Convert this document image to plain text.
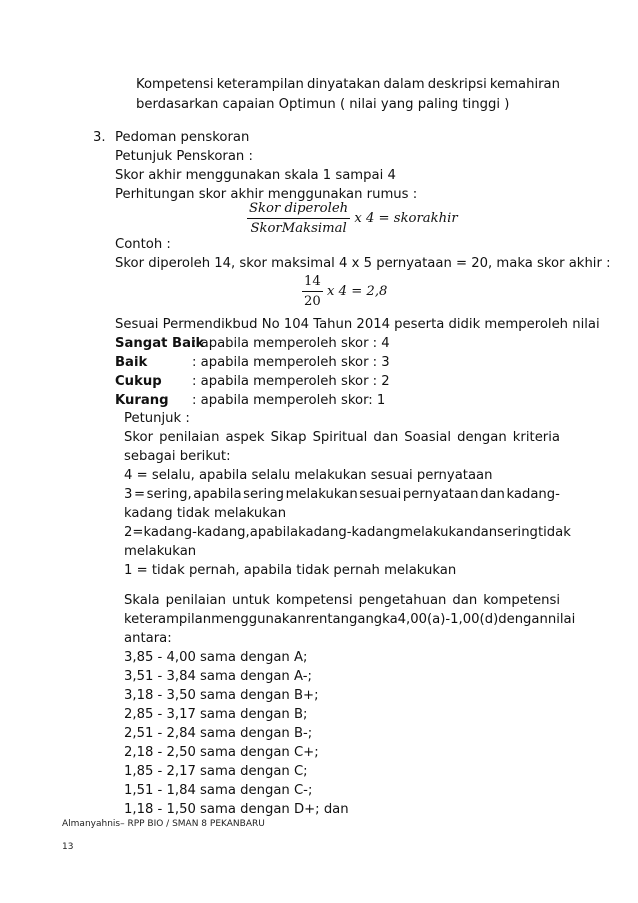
Kompetensi keterampilan dinyatakan dalam deskripsi kemahiran
berdasarkan capaian Optimun ( nilai yang paling tinggi )
3. Pedoman penskoran
Petunjuk Penskoran :
Skor akhir menggunakan skala 1 sampai 4
Perhitungan skor akhir menggunakan rumus :
$\frac{\text{Skor diperoleh}}{\text{SkorMaksimal}}$ x 4 = skorakhir
Contoh :
Skor diperoleh 14, skor maksimal 4 x 5 pernyataan = 20, maka skor akhir :
$\frac{14}{20}$ x 4 = 2,8
Sesuai Permendikbud No 104 Tahun 2014 peserta didik memperoleh nilai
Sangat Baik
: apabila memperoleh skor : 4
Baik	: apabila memperoleh skor : 3
Cukup : apabila memperoleh skor : 2
Kurang : apabila memperoleh skor: 1
Petunjuk :
Skor penilaian aspek Sikap Spiritual dan Soasial dengan kriteria
sebagai berikut:
4 = selalu, apabila selalu melakukan sesuai pernyataan
3 = sering, apabila sering melakukan sesuai pernyataan dan kadang-
kadang tidak melakukan
2 = kadang-kadang, apabila kadang-kadang melakukan dan sering tidak
melakukan
1 = tidak pernah, apabila tidak pernah melakukan
Skala penilaian untuk kompetensi pengetahuan dan kompetensi
keterampilan menggunakan rentang angka 4,00 (a) - 1,00 (d) dengan nilai
antara:
3,85 - 4,00 sama dengan A;
3,51 - 3,84 sama dengan A-;
3,18 - 3,50 sama dengan B+;
2,85 - 3,17 sama dengan B;
2,51 - 2,84 sama dengan B-;
2,18 - 2,50 sama dengan C+;
1,85 - 2,17 sama dengan C;
1,51 - 1,84 sama dengan C-;
1,18 - 1,50 sama dengan D+; dan
Almanyahnis– RPP BIO / SMAN 8 PEKANBARU
13
